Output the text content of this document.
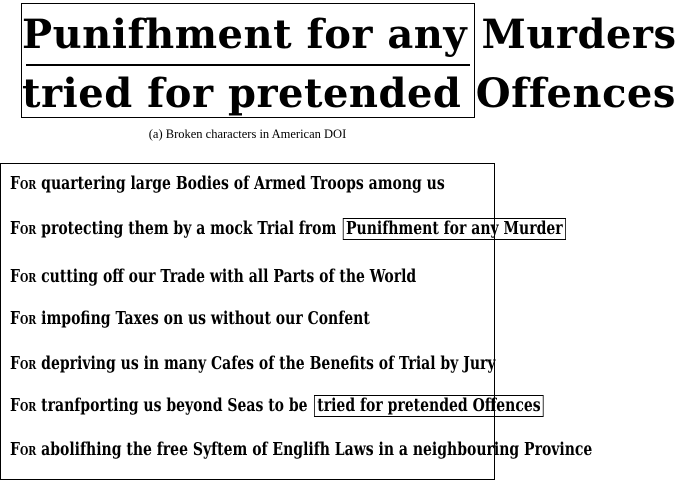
Punifhment for any Murders
tried for pretended Offences
(a) Broken characters in American DOI
For quartering large Bodies of Armed Troops among us
For protecting them by a mock Trial from Punifhment for any Murder
For cutting off our Trade with all Parts of the World
For impofing Taxes on us without our Confent
For depriving us in many Cafes of the Benefits of Trial by Jury
For tranfporting us beyond Seas to be tried for pretended Offences
For abolifhing the free Syftem of Englifh Laws in a neighbouring Province
